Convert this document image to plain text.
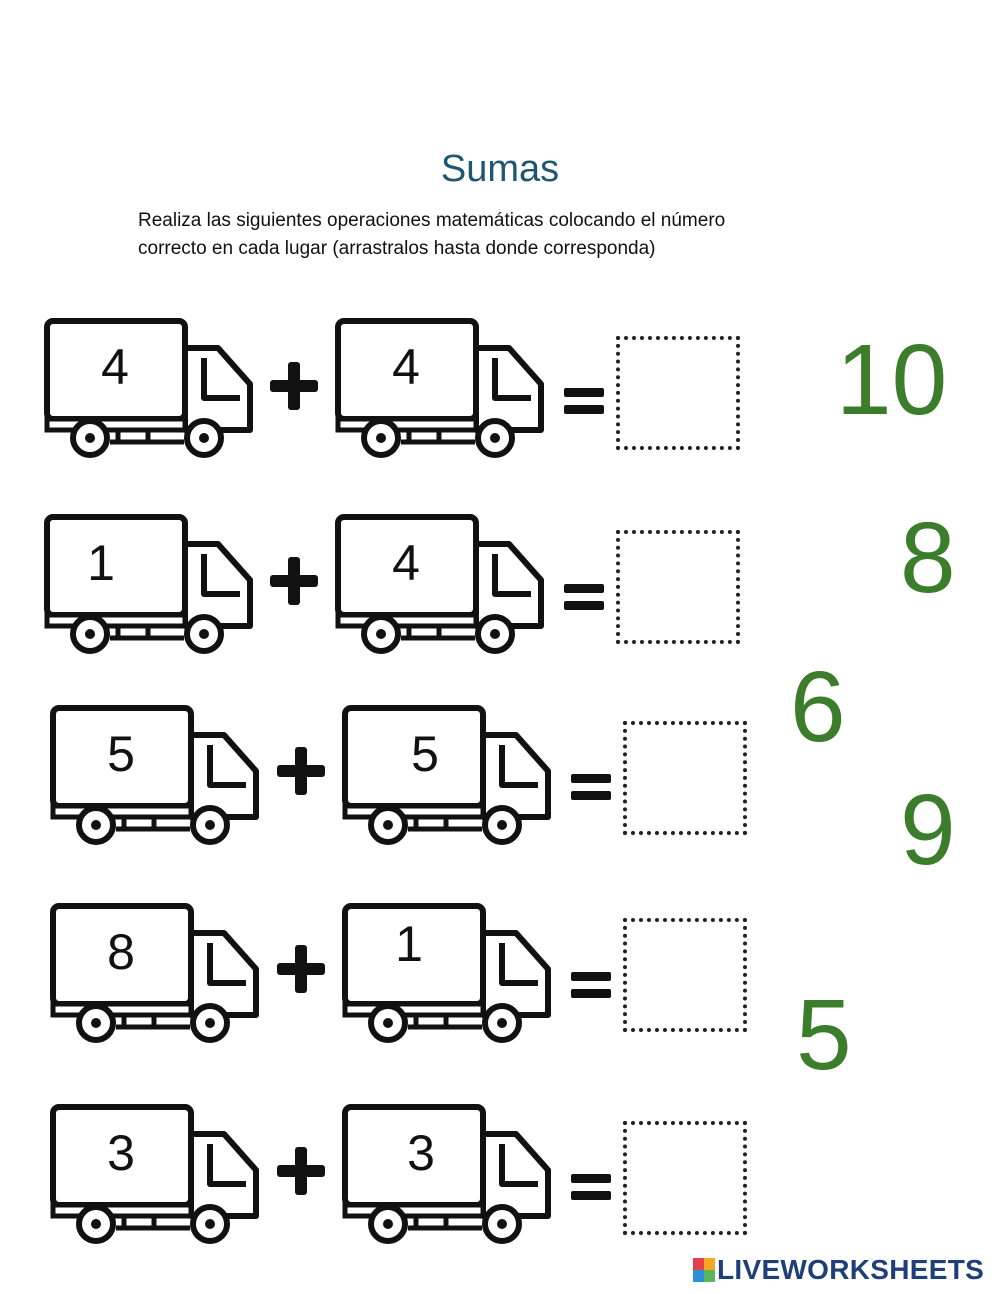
Sumas
Realiza las siguientes operaciones matemáticas colocando el número
correcto en cada lugar (arrastralos hasta donde corresponda)
4	4
1	4
5	5
8	1
3	3
10
8
6
9
5
LIVEWORKSHEETS
